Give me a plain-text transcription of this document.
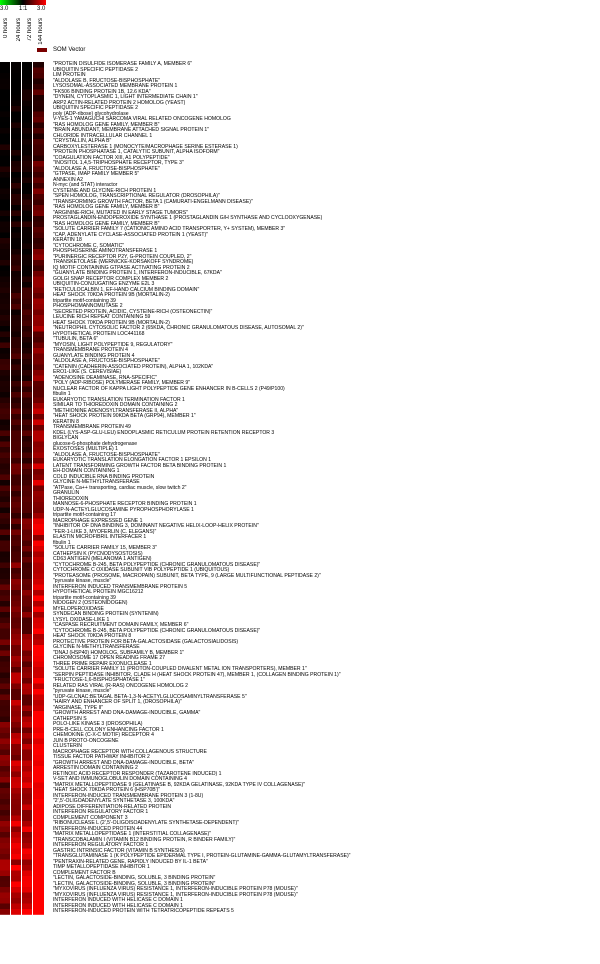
3.0 1:1 3.0
0 hours 24 hours 72 hours 144 hours
SOM Vector
"PROTEIN DISULFIDE ISOMERASE FAMILY A, MEMBER 6"
UBIQUITIN SPECIFIC PEPTIDASE 2
LIM PROTEIN
"ALDOLASE B, FRUCTOSE-BISPHOSPHATE"
LYSOSOMAL-ASSOCIATED MEMBRANE PROTEIN 1
"FK506 BINDING PROTEIN 1B, 12.6 KDA"
"DYNEIN, CYTOPLASMIC 1, LIGHT INTERMEDIATE CHAIN 1"
ARP2 ACTIN-RELATED PROTEIN 2 HOMOLOG (YEAST)
UBIQUITIN SPECIFIC PEPTIDASE 2
poly (ADP-ribose) glycohydrolase
V-YES-1 YAMAGUCHI SARCOMA VIRAL RELATED ONCOGENE HOMOLOG
"RAS HOMOLOG GENE FAMILY, MEMBER B"
"BRAIN ABUNDANT, MEMBRANE ATTACHED SIGNAL PROTEIN 1"
CHLORIDE INTRACELLULAR CHANNEL 1
"CRYSTALLIN, ALPHA B"
CARBOXYLESTERASE 1 (MONOCYTE/MACROPHAGE SERINE ESTERASE 1)
"PROTEIN PHOSPHATASE 1, CATALYTIC SUBUNIT, ALPHA ISOFORM"
"COAGULATION FACTOR XIII, A1 POLYPEPTIDE"
"INOSITOL 1,4,5-TRIPHOSPHATE RECEPTOR, TYPE 3"
"ALDOLASE A, FRUCTOSE-BISPHOSPHATE"
"GTPASE, IMAP FAMILY MEMBER 5"
ANNEXIN A2
N-myc (and STAT) interactor
CYSTEINE AND GLYCINE-RICH PROTEIN 1
"SPEN HOMOLOG, TRANSCRIPTIONAL REGULATOR (DROSOPHILA)"
"TRANSFORMING GROWTH FACTOR, BETA 1 (CAMURATI-ENGELMANN DISEASE)"
"RAS HOMOLOG GENE FAMILY, MEMBER B"
"ARGININE-RICH, MUTATED IN EARLY STAGE TUMORS"
PROSTAGLANDIN-ENDOPEROXIDE SYNTHASE 1 (PROSTAGLANDIN G/H SYNTHASE AND CYCLOOXYGENASE)
"RAS HOMOLOG GENE FAMILY, MEMBER B"
"SOLUTE CARRIER FAMILY 7 (CATIONIC AMINO ACID TRANSPORTER, Y+ SYSTEM), MEMBER 3"
"CAP, ADENYLATE CYCLASE-ASSOCIATED PROTEIN 1 (YEAST)"
KERATIN 18
"CYTOCHROME C, SOMATIC"
PHOSPHOSERINE AMINOTRANSFERASE 1
"PURINERGIC RECEPTOR P2Y, G-PROTEIN COUPLED, 2"
TRANSKETOLASE (WERNICKE-KORSAKOFF SYNDROME)
IQ MOTIF CONTAINING GTPASE ACTIVATING PROTEIN 2
"GUANYLATE BINDING PROTEIN 1, INTERFERON-INDUCIBLE, 67KDA"
GOLGI SNAP RECEPTOR COMPLEX MEMBER 2
UBIQUITIN-CONJUGATING ENZYME E2L 3
"RETICULOCALBIN 1, EF-HAND CALCIUM BINDING DOMAIN"
HEAT SHOCK 70KDA PROTEIN 9B (MORTALIN-2)
tripartite motif-containing 39
PHOSPHOMANNOMUTASE 2
"SECRETED PROTEIN, ACIDIC, CYSTEINE-RICH (OSTEONECTIN)"
LEUCINE RICH REPEAT CONTAINING 59
HEAT SHOCK 70KDA PROTEIN 9B (MORTALIN-2)
"NEUTROPHIL CYTOSOLIC FACTOR 2 (65KDA, CHRONIC GRANULOMATOUS DISEASE, AUTOSOMAL 2)"
HYPOTHETICAL PROTEIN LOC441168
"TUBULIN, BETA 6"
"MYOSIN, LIGHT POLYPEPTIDE 9, REGULATORY"
TRANSMEMBRANE PROTEIN 4
GUANYLATE BINDING PROTEIN 4
"ALDOLASE A, FRUCTOSE-BISPHOSPHATE"
"CATENIN (CADHERIN-ASSOCIATED PROTEIN), ALPHA 1, 102KDA"
ERO1-LIKE (S. CEREVISIAE)
"ADENOSINE DEAMINASE, RNA-SPECIFIC"
"POLY (ADP-RIBOSE) POLYMERASE FAMILY, MEMBER 9"
NUCLEAR FACTOR OF KAPPA LIGHT POLYPEPTIDE GENE ENHANCER IN B-CELLS 2 (P49/P100)
fibulin 1
EUKARYOTIC TRANSLATION TERMINATION FACTOR 1
SIMILAR TO THIOREDOXIN DOMAIN CONTAINING 2
"METHIONINE ADENOSYLTRANSFERASE II, ALPHA"
"HEAT SHOCK PROTEIN 90KDA BETA (GRP94), MEMBER 1"
KERATIN 8
TRANSMEMBRANE PROTEIN 49
KDEL (LYS-ASP-GLU-LEU) ENDOPLASMIC RETICULUM PROTEIN RETENTION RECEPTOR 3
BIGLYCAN
glucose-6-phosphate dehydrogenase
EXOSTOSES (MULTIPLE) 1
"ALDOLASE A, FRUCTOSE-BISPHOSPHATE"
EUKARYOTIC TRANSLATION ELONGATION FACTOR 1 EPSILON 1
LATENT TRANSFORMING GROWTH FACTOR BETA BINDING PROTEIN 1
EH-DOMAIN CONTAINING 1
COLD INDUCIBLE RNA BINDING PROTEIN
GLYCINE N-METHYLTRANSFERASE
"ATPase, Ca++ transporting, cardiac muscle, slow twitch 2"
GRANULIN
THIOREDOXIN
MANNOSE-6-PHOSPHATE RECEPTOR BINDING PROTEIN 1
UDP-N-ACTEYLGLUCOSAMINE PYROPHOSPHORYLASE 1
tripartite motif-containing 17
MACROPHAGE EXPRESSED GENE 1
"INHIBITOR OF DNA BINDING 3, DOMINANT NEGATIVE HELIX-LOOP-HELIX PROTEIN"
"FER-1-LIKE 3, MYOFERLIN (C. ELEGANS)"
ELASTIN MICROFIBRIL INTERFACER 1
fibulin 1
"SOLUTE CARRIER FAMILY 15, MEMBER 3"
CATHEPSIN K (PYCNODYSOSTOSIS)
CD63 ANTIGEN (MELANOMA 1 ANTIGEN)
"CYTOCHROME B-245, BETA POLYPEPTIDE (CHRONIC GRANULOMATOUS DISEASE)"
CYTOCHROME C OXIDASE SUBUNIT VIB POLYPEPTIDE 1 (UBIQUITOUS)
"PROTEASOME (PROSOME, MACROPAIN) SUBUNIT, BETA TYPE, 9 (LARGE MULTIFUNCTIONAL PEPTIDASE 2)"
"pyruvate kinase, muscle"
INTERFERON INDUCED TRANSMEMBRANE PROTEIN 5
HYPOTHETICAL PROTEIN MGC16212
tripartite motif-containing 39
NIDOGEN 2 (OSTEONIDOGEN)
MYELOPEROXIDASE
SYNDECAN BINDING PROTEIN (SYNTENIN)
LYSYL OXIDASE-LIKE 1
"CASPASE RECRUITMENT DOMAIN FAMILY, MEMBER 6"
"CYTOCHROME B-245, BETA POLYPEPTIDE (CHRONIC GRANULOMATOUS DISEASE)"
HEAT SHOCK 70KDA PROTEIN 8
PROTECTIVE PROTEIN FOR BETA-GALACTOSIDASE (GALACTOSIALIDOSIS)
GLYCINE N-METHYLTRANSFERASE
"DNAJ (HSP40) HOMOLOG, SUBFAMILY B, MEMBER 1"
CHROMOSOME 17 OPEN READING FRAME 27
THREE PRIME REPAIR EXONUCLEASE 1
"SOLUTE CARRIER FAMILY 11 (PROTON-COUPLED DIVALENT METAL ION TRANSPORTERS), MEMBER 1"
"SERPIN PEPTIDASE INHIBITOR, CLADE H (HEAT SHOCK PROTEIN 47), MEMBER 1, (COLLAGEN BINDING PROTEIN 1)"
"FRUCTOSE-1,6-BISPHOSPHATASE 1"
RELATED RAS VIRAL (R-RAS) ONCOGENE HOMOLOG 2
"pyruvate kinase, muscle"
"UDP-GLCNAC:BETAGAL BETA-1,3-N-ACETYLGLUCOSAMINYLTRANSFERASE 5"
"HAIRY AND ENHANCER OF SPLIT 1, (DROSOPHILA)"
"ARGINASE, TYPE II"
"GROWTH ARREST AND DNA-DAMAGE-INDUCIBLE, GAMMA"
CATHEPSIN S
POLO-LIKE KINASE 3 (DROSOPHILA)
PRE-B-CELL COLONY ENHANCING FACTOR 1
CHEMOKINE (C-X-C MOTIF) RECEPTOR 4
JUN B PROTO-ONCOGENE
CLUSTERIN
MACROPHAGE RECEPTOR WITH COLLAGENOUS STRUCTURE
TISSUE FACTOR PATHWAY INHIBITOR 2
"GROWTH ARREST AND DNA-DAMAGE-INDUCIBLE, BETA"
ARRESTIN DOMAIN CONTAINING 2
RETINOIC ACID RECEPTOR RESPONDER (TAZAROTENE INDUCED) 1
V-SET AND IMMUNOGLOBULIN DOMAIN CONTAINING 4
"MATRIX METALLOPEPTIDASE 9 (GELATINASE B, 92KDA GELATINASE, 92KDA TYPE IV COLLAGENASE)"
"HEAT SHOCK 70KDA PROTEIN 6 (HSP70B')"
INTERFERON-INDUCED TRANSMEMBRANE PROTEIN 3 (1-8U)
"2',5'-OLIGOADENYLATE SYNTHETASE 3, 100KDA"
ADIPOSE DIFFERENTIATION-RELATED PROTEIN
INTERFERON REGULATORY FACTOR 1
COMPLEMENT COMPONENT 3
"RIBONUCLEASE L (2',5'-OLIGOISOADENYLATE SYNTHETASE-DEPENDENT)"
INTERFERON-INDUCED PROTEIN 44
"MATRIX METALLOPEPTIDASE 1 (INTERSTITIAL COLLAGENASE)"
"TRANSCOBALAMIN I (VITAMIN B12 BINDING PROTEIN, R BINDER FAMILY)"
INTERFERON REGULATORY FACTOR 1
GASTRIC INTRINSIC FACTOR (VITAMIN B SYNTHESIS)
"TRANSGLUTAMINASE 1 (K POLYPEPTIDE EPIDERMAL TYPE I, PROTEIN-GLUTAMINE-GAMMA-GLUTAMYLTRANSFERASE)"
"PENTRAXIN-RELATED GENE, RAPIDLY INDUCED BY IL-1 BETA"
TIMP METALLOPEPTIDASE INHIBITOR 1
COMPLEMENT FACTOR B
"LECTIN, GALACTOSIDE-BINDING, SOLUBLE, 3 BINDING PROTEIN"
"LECTIN, GALACTOSIDE-BINDING, SOLUBLE, 3 BINDING PROTEIN"
"MYXOVIRUS (INFLUENZA VIRUS) RESISTANCE 1, INTERFERON-INDUCIBLE PROTEIN P78 (MOUSE)"
"MYXOVIRUS (INFLUENZA VIRUS) RESISTANCE 1, INTERFERON-INDUCIBLE PROTEIN P78 (MOUSE)"
INTERFERON INDUCED WITH HELICASE C DOMAIN 1
INTERFERON INDUCED WITH HELICASE C DOMAIN 1
INTERFERON-INDUCED PROTEIN WITH TETRATRICOPEPTIDE REPEATS 5
